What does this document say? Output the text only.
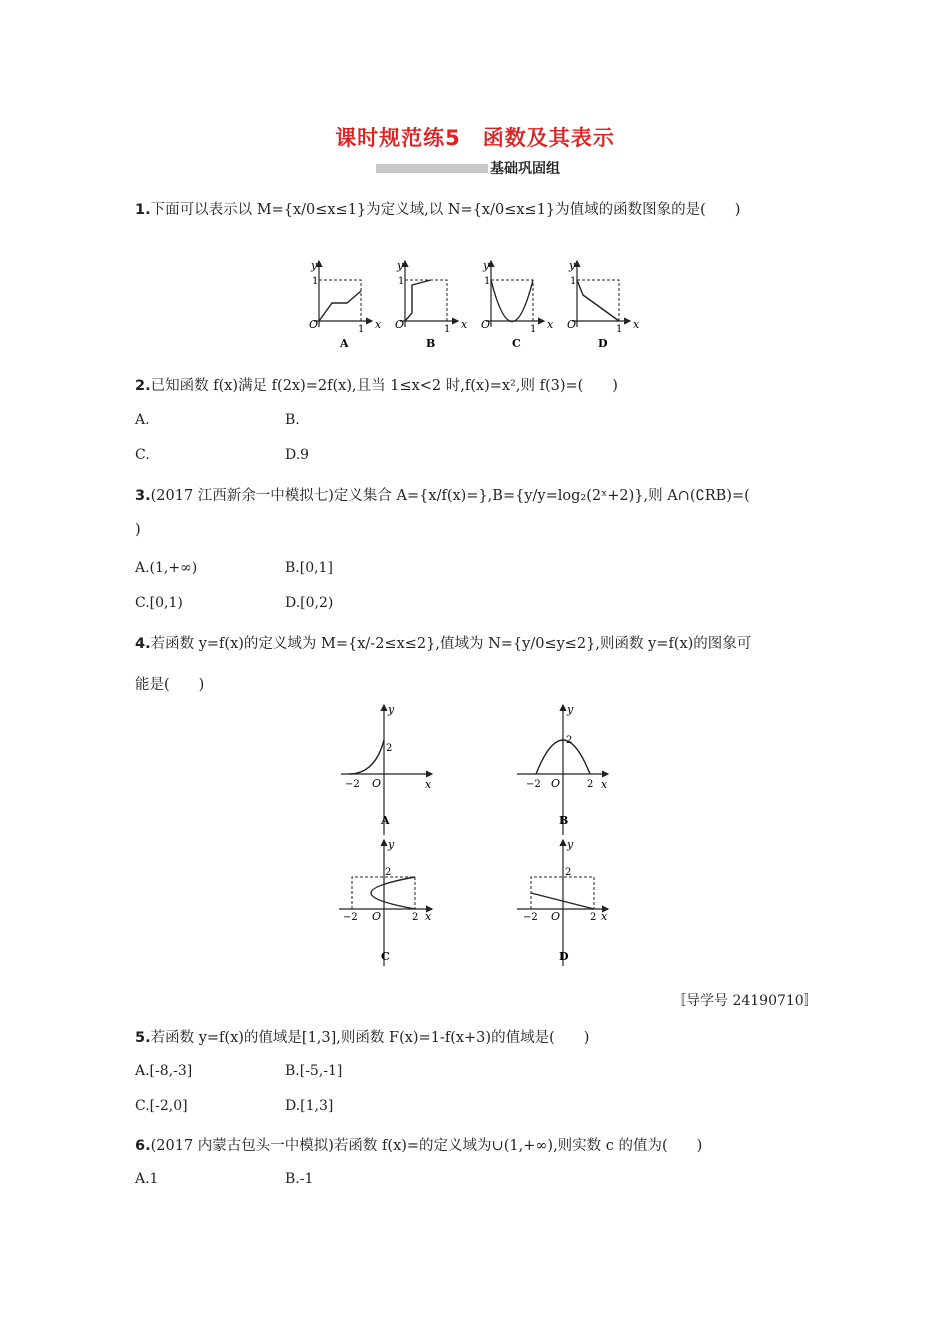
课时规范练5　函数及其表示
基础巩固组
1.下面可以表示以 M={x/0≤x≤1}为定义域,以 N={x/0≤x≤1}为值域的函数图象的是(　　)
y
x
O
1
1
A
y
x
O
1
1
B
y
x
O
1
1
C
y
x
O
1
1
D
2.已知函数 f(x)满足 f(2x)=2f(x),且当 1≤x<2 时,f(x)=x²,则 f(3)=(　　)
A.	B.
C.	D.9
3.(2017 江西新余一中模拟七)定义集合 A={x/f(x)=},B={y/y=log₂(2ˣ+2)},则 A∩(∁RB)=(
)
A.(1,+∞)	B.[0,1]
C.[0,1)	D.[0,2)
4.若函数 y=f(x)的定义域为 M={x/-2≤x≤2},值域为 N={y/0≤y≤2},则函数 y=f(x)的图象可
能是(　　)
y
x
O
2
−2
A
y
x
O
2
−2	2
B
y
x
O
2
−2	2
C
y
x
O
2
−2	2
D
〚导学号 24190710〛
5.若函数 y=f(x)的值域是[1,3],则函数 F(x)=1-f(x+3)的值域是(　　)
A.[-8,-3]	B.[-5,-1]
C.[-2,0]	D.[1,3]
6.(2017 内蒙古包头一中模拟)若函数 f(x)=的定义域为∪(1,+∞),则实数 c 的值为(　　)
A.1	B.-1
